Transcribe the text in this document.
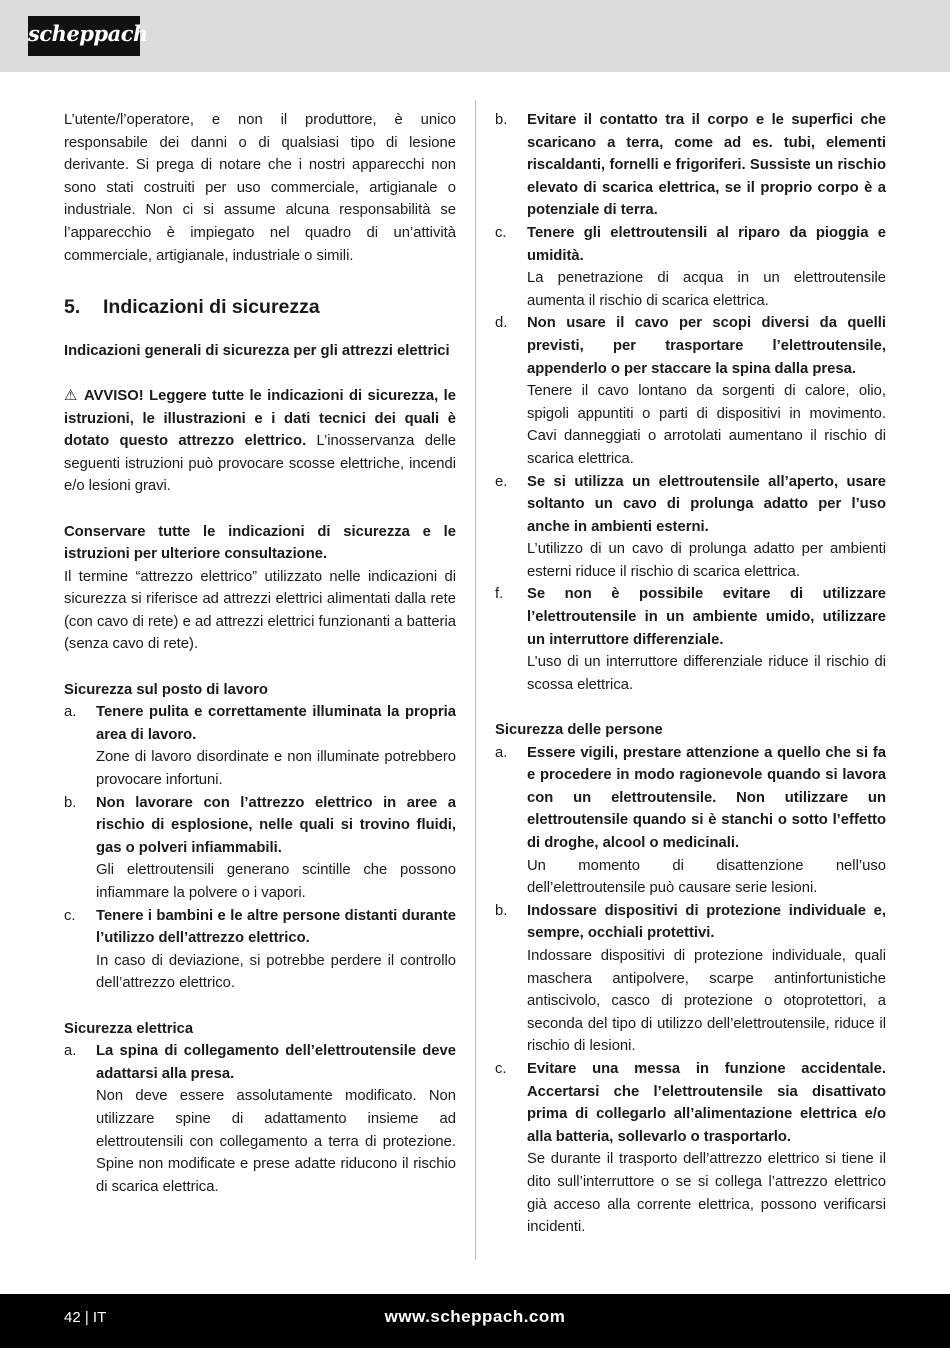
scheppach

L’utente/l’operatore, e non il produttore, è unico responsabile dei danni o di qualsiasi tipo di lesione derivante. Si prega di notare che i nostri apparecchi non sono stati costruiti per uso commerciale, artigianale o industriale. Non ci si assume alcuna responsabilità se l’apparecchio è impiegato nel quadro di un’attività commerciale, artigianale, industriale o simili.

5. Indicazioni di sicurezza

Indicazioni generali di sicurezza per gli attrezzi elettrici

⚠ AVVISO! Leggere tutte le indicazioni di sicurezza, le istruzioni, le illustrazioni e i dati tecnici dei quali è dotato questo attrezzo elettrico. L’inosservanza delle seguenti istruzioni può provocare scosse elettriche, incendi e/o lesioni gravi.

Conservare tutte le indicazioni di sicurezza e le istruzioni per ulteriore consultazione.

Il termine “attrezzo elettrico” utilizzato nelle indicazioni di sicurezza si riferisce ad attrezzi elettrici alimentati dalla rete (con cavo di rete) e ad attrezzi elettrici funzionanti a batteria (senza cavo di rete).

Sicurezza sul posto di lavoro

a. Tenere pulita e correttamente illuminata la propria area di lavoro.

Zone di lavoro disordinate e non illuminate potrebbero provocare infortuni.

b. Non lavorare con l’attrezzo elettrico in aree a rischio di esplosione, nelle quali si trovino fluidi, gas o polveri infiammabili.

Gli elettroutensili generano scintille che possono infiammare la polvere o i vapori.

c. Tenere i bambini e le altre persone distanti durante l’utilizzo dell’attrezzo elettrico.

In caso di deviazione, si potrebbe perdere il controllo dell’attrezzo elettrico.

Sicurezza elettrica

a. La spina di collegamento dell’elettroutensile deve adattarsi alla presa.

Non deve essere assolutamente modificato. Non utilizzare spine di adattamento insieme ad elettroutensili con collegamento a terra di protezione. Spine non modificate e prese adatte riducono il rischio di scarica elettrica.

b. Evitare il contatto tra il corpo e le superfici che scaricano a terra, come ad es. tubi, elementi riscaldanti, fornelli e frigoriferi. Sussiste un rischio elevato di scarica elettrica, se il proprio corpo è a potenziale di terra.

c. Tenere gli elettroutensili al riparo da pioggia e umidità.

La penetrazione di acqua in un elettroutensile aumenta il rischio di scarica elettrica.

d. Non usare il cavo per scopi diversi da quelli previsti, per trasportare l’elettroutensile, appenderlo o per staccare la spina dalla presa.

Tenere il cavo lontano da sorgenti di calore, olio, spigoli appuntiti o parti di dispositivi in movimento. Cavi danneggiati o arrotolati aumentano il rischio di scarica elettrica.

e. Se si utilizza un elettroutensile all’aperto, usare soltanto un cavo di prolunga adatto per l’uso anche in ambienti esterni.

L’utilizzo di un cavo di prolunga adatto per ambienti esterni riduce il rischio di scarica elettrica.

f. Se non è possibile evitare di utilizzare l’elettroutensile in un ambiente umido, utilizzare un interruttore differenziale.

L’uso di un interruttore differenziale riduce il rischio di scossa elettrica.

Sicurezza delle persone

a. Essere vigili, prestare attenzione a quello che si fa e procedere in modo ragionevole quando si lavora con un elettroutensile. Non utilizzare un elettroutensile quando si è stanchi o sotto l’effetto di droghe, alcool o medicinali.

Un momento di disattenzione nell’uso dell’elettroutensile può causare serie lesioni.

b. Indossare dispositivi di protezione individuale e, sempre, occhiali protettivi.

Indossare dispositivi di protezione individuale, quali maschera antipolvere, scarpe antinfortunistiche antiscivolo, casco di protezione o otoprotettori, a seconda del tipo di utilizzo dell’elettroutensile, riduce il rischio di lesioni.

c. Evitare una messa in funzione accidentale. Accertarsi che l’elettroutensile sia disattivato prima di collegarlo all’alimentazione elettrica e/o alla batteria, sollevarlo o trasportarlo.

Se durante il trasporto dell’attrezzo elettrico si tiene il dito sull’interruttore o se si collega l’attrezzo elettrico già acceso alla corrente elettrica, possono verificarsi incidenti.

42 | IT	www.scheppach.com
